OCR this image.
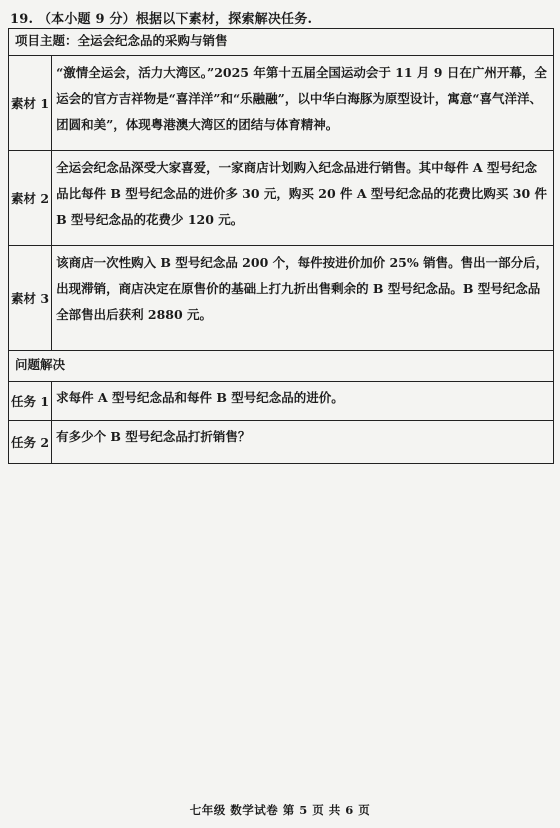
19. （本小题 9 分）根据以下素材，探索解决任务.
项目主题：全运会纪念品的采购与销售	
素材 1	“激情全运会，活力大湾区。”2025 年第十五届全国运动会于 11 月 9 日在广州开幕，全运会的官方吉祥物是“喜洋洋”和“乐融融”，以中华白海豚为原型设计，寓意“喜气洋洋、团圆和美”，体现粤港澳大湾区的团结与体育精神。
素材 2	全运会纪念品深受大家喜爱，一家商店计划购入纪念品进行销售。其中每件 A 型号纪念品比每件 B 型号纪念品的进价多 30 元，购买 20 件 A 型号纪念品的花费比购买 30 件 B 型号纪念品的花费少 120 元。
素材 3	该商店一次性购入 B 型号纪念品 200 个，每件按进价加价 25% 销售。售出一部分后，出现滞销，商店决定在原售价的基础上打九折出售剩余的 B 型号纪念品。B 型号纪念品全部售出后获利 2880 元。
问题解决	
任务 1	求每件 A 型号纪念品和每件 B 型号纪念品的进价。
任务 2	有多少个 B 型号纪念品打折销售？
七年级 数学试卷 第 5 页 共 6 页
